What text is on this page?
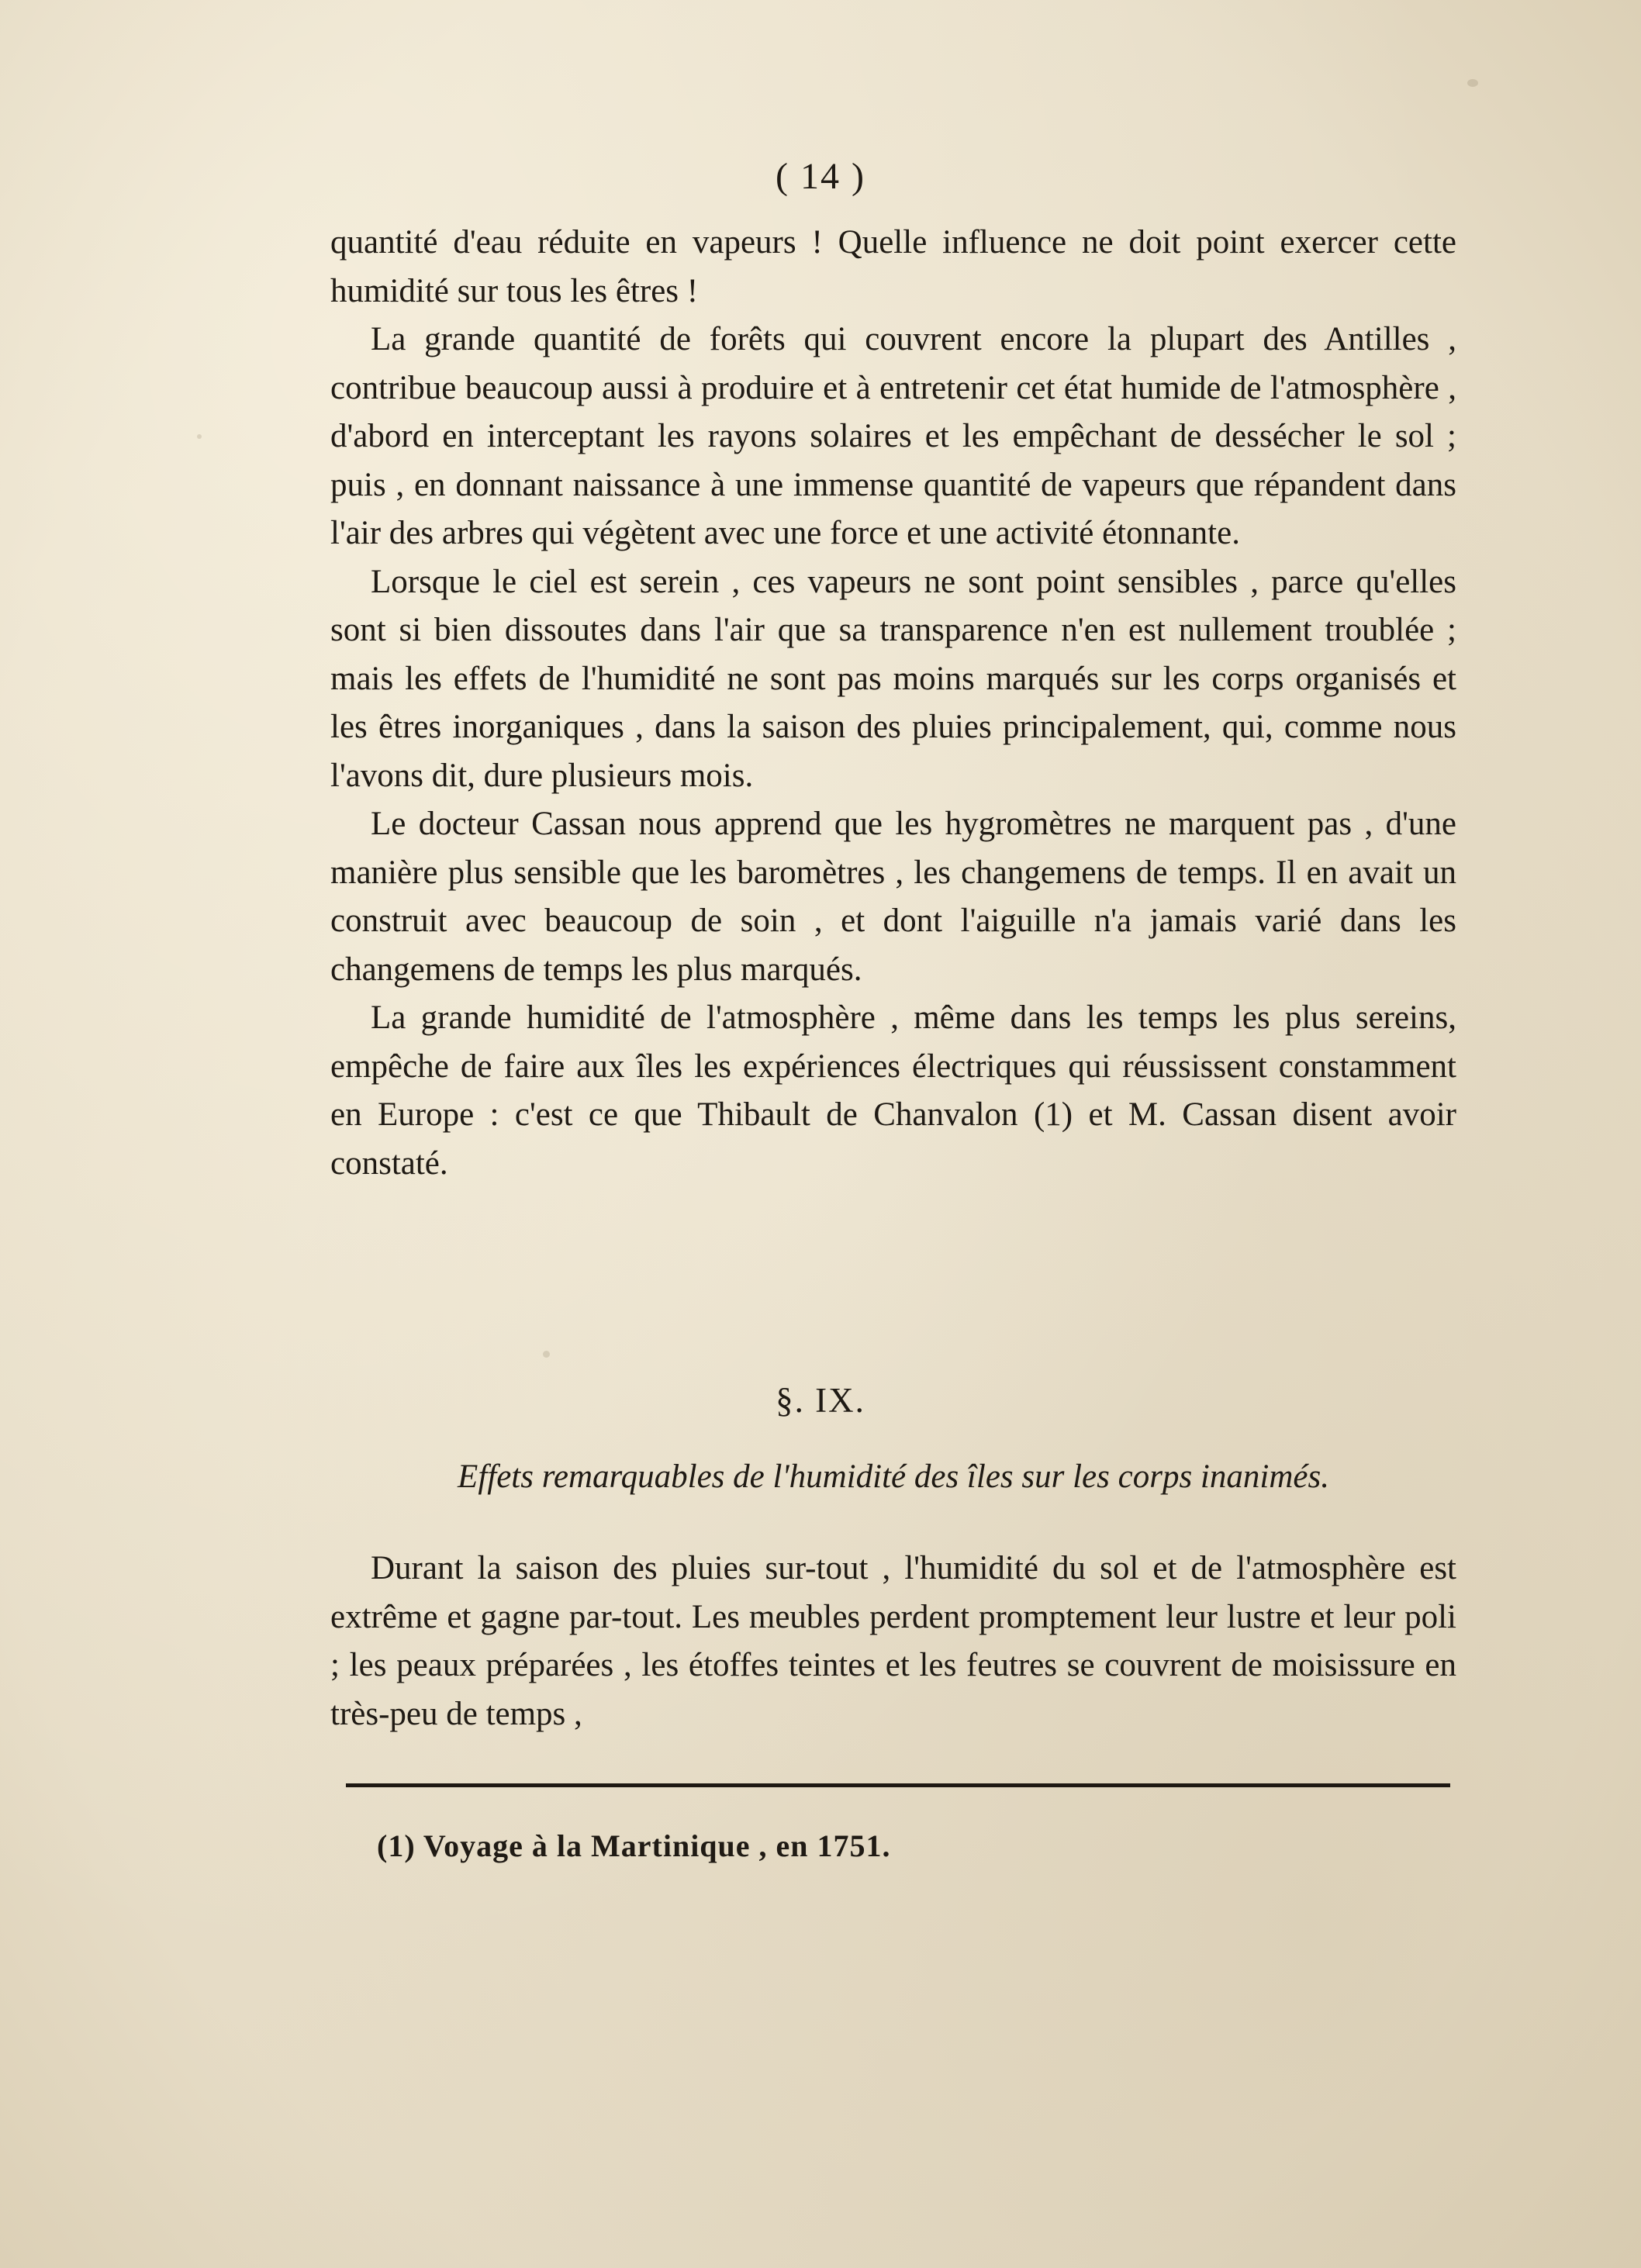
( 14 )

quantité d'eau réduite en vapeurs ! Quelle influence ne doit point exercer cette humidité sur tous les êtres !

La grande quantité de forêts qui couvrent encore la plupart des Antilles , contribue beaucoup aussi à produire et à entretenir cet état humide de l'atmosphère , d'abord en interceptant les rayons solaires et les empêchant de dessécher le sol ; puis , en donnant naissance à une immense quantité de vapeurs que répandent dans l'air des arbres qui végètent avec une force et une activité étonnante.

Lorsque le ciel est serein , ces vapeurs ne sont point sensibles , parce qu'elles sont si bien dissoutes dans l'air que sa transparence n'en est nullement troublée ; mais les effets de l'humidité ne sont pas moins marqués sur les corps organisés et les êtres inorganiques , dans la saison des pluies principalement, qui, comme nous l'avons dit, dure plusieurs mois.

Le docteur Cassan nous apprend que les hygromètres ne marquent pas , d'une manière plus sensible que les baromètres , les changemens de temps. Il en avait un construit avec beaucoup de soin , et dont l'aiguille n'a jamais varié dans les changemens de temps les plus marqués.

La grande humidité de l'atmosphère , même dans les temps les plus sereins, empêche de faire aux îles les expériences électriques qui réussissent constamment en Europe : c'est ce que Thibault de Chanvalon (1) et M. Cassan disent avoir constaté.

§. IX.
Effets remarquables de l'humidité des îles sur les corps inanimés.

Durant la saison des pluies sur-tout , l'humidité du sol et de l'atmosphère est extrême et gagne par-tout. Les meubles perdent promptement leur lustre et leur poli ; les peaux préparées , les étoffes teintes et les feutres se couvrent de moisissure en très-peu de temps ,

(1) Voyage à la Martinique , en 1751.
